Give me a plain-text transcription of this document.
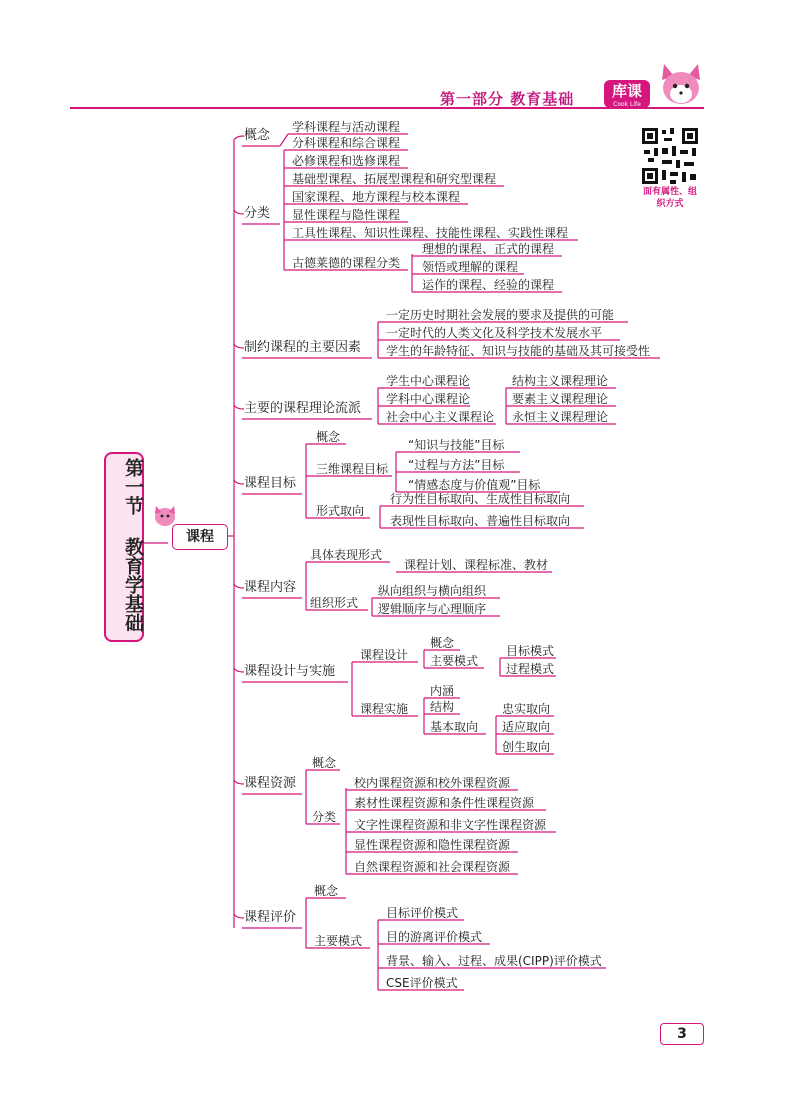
第一部分 教育基础	库课
Cook Life
面有属性、组织方式
第一节 教育学基础	课程
概念
分类
制约课程的主要因素
主要的课程理论流派
课程目标
课程内容
课程设计与实施
课程资源
课程评价
学科课程与活动课程
分科课程和综合课程
必修课程和选修课程
基础型课程、拓展型课程和研究型课程
国家课程、地方课程与校本课程
显性课程与隐性课程
工具性课程、知识性课程、技能性课程、实践性课程
古德莱德的课程分类
理想的课程、正式的课程
领悟或理解的课程
运作的课程、经验的课程
一定历史时期社会发展的要求及提供的可能
一定时代的人类文化及科学技术发展水平
学生的年龄特征、知识与技能的基础及其可接受性
学生中心课程论
学科中心课程论
社会中心主义课程论
结构主义课程理论
要素主义课程理论
永恒主义课程理论
概念
三维课程目标
“知识与技能”目标
“过程与方法”目标
“情感态度与价值观”目标
形式取向
行为性目标取向、生成性目标取向
表现性目标取向、普遍性目标取向
具体表现形式
课程计划、课程标准、教材
组织形式
纵向组织与横向组织
逻辑顺序与心理顺序
课程设计
概念
主要模式
目标模式
过程模式
课程实施
内涵
结构
基本取向
忠实取向
适应取向
创生取向
概念
分类
校内课程资源和校外课程资源
素材性课程资源和条件性课程资源
文字性课程资源和非文字性课程资源
显性课程资源和隐性课程资源
自然课程资源和社会课程资源
概念
主要模式
目标评价模式
目的游离评价模式
背景、输入、过程、成果(CIPP)评价模式
CSE评价模式
3
